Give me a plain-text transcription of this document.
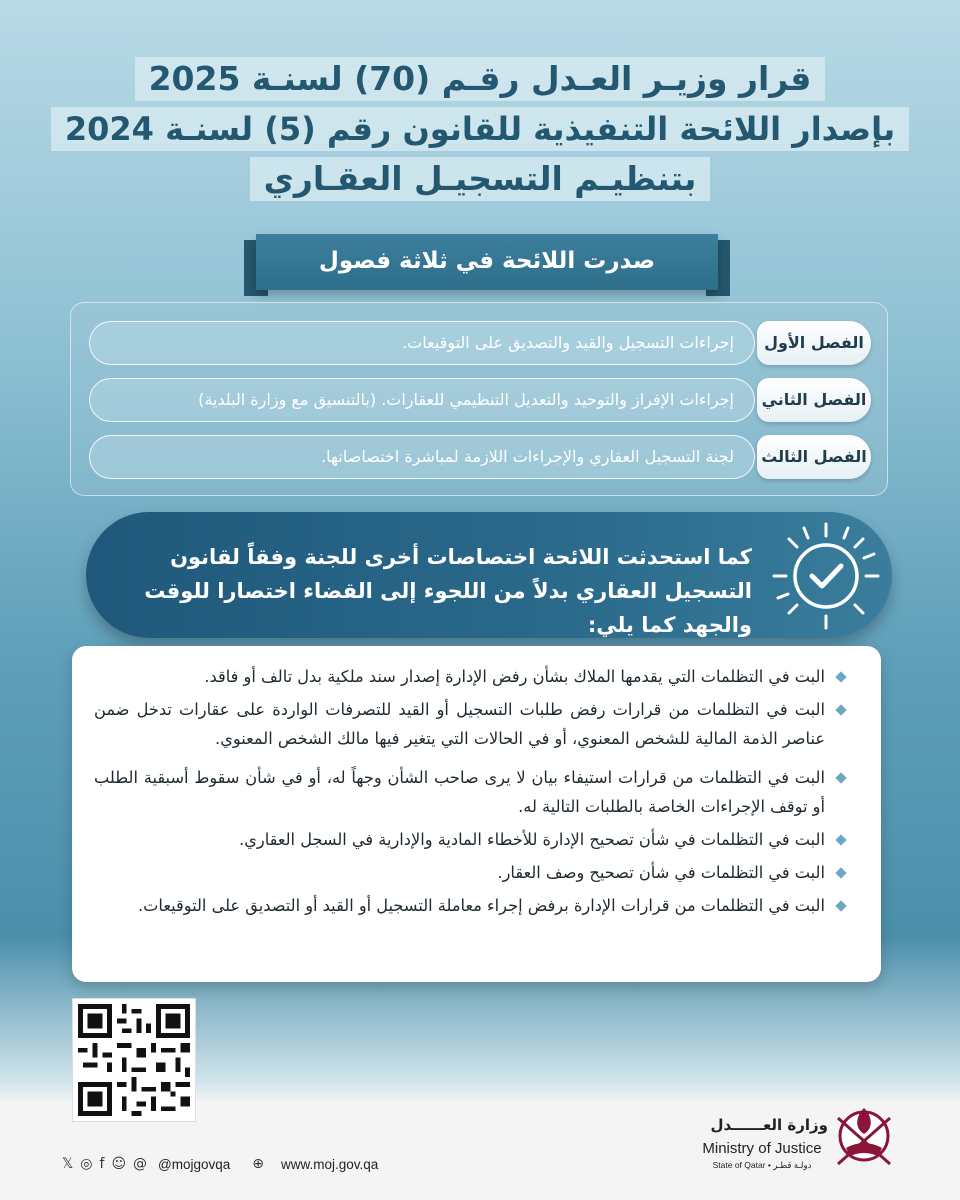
قرار وزيـر العـدل رقـم (70) لسنـة 2025
بإصدار اللائحة التنفيذية للقانون رقم (5) لسنـة 2024
بتنظيـم التسجيـل العقـاري
صدرت اللائحة في ثلاثة فصول
الفصل الأول
إجراءات التسجيل والقيد والتصديق على التوقيعات.
الفصل الثاني
إجراءات الإفراز والتوحيد والتعديل التنظيمي للعقارات. (بالتنسيق مع وزارة البلدية)
الفصل الثالث
لجنة التسجيل العقاري والإجراءات اللازمة لمباشرة اختصاصاتها.
كما استحدثت اللائحة اختصاصات أخرى للجنة وفقاً لقانون التسجيل العقاري بدلاً من اللجوء إلى القضاء اختصارا للوقت والجهد كما يلي:
البت في التظلمات التي يقدمها الملاك بشأن رفض الإدارة إصدار سند ملكية بدل تالف أو فاقد.
البت في التظلمات من قرارات رفض طلبات التسجيل أو القيد للتصرفات الواردة على عقارات تدخل ضمن عناصر الذمة المالية للشخص المعنوي، أو في الحالات التي يتغير فيها مالك الشخص المعنوي.
البت في التظلمات من قرارات استيفاء بيان لا يرى صاحب الشأن وجهاً له، أو في شأن سقوط أسبقية الطلب أو توقف الإجراءات الخاصة بالطلبات التالية له.
البت في التظلمات في شأن تصحيح الإدارة للأخطاء المادية والإدارية في السجل العقاري.
البت في التظلمات في شأن تصحيح وصف العقار.
البت في التظلمات من قرارات الإدارة برفض إجراء معاملة التسجيل أو القيد أو التصديق على التوقيعات.
𝕏 ◎ f ☺ @ @mojgovqa ⊕ www.moj.gov.qa
وزارة العــــــدل
Ministry of Justice
State of Qatar • دولـة قطـر
